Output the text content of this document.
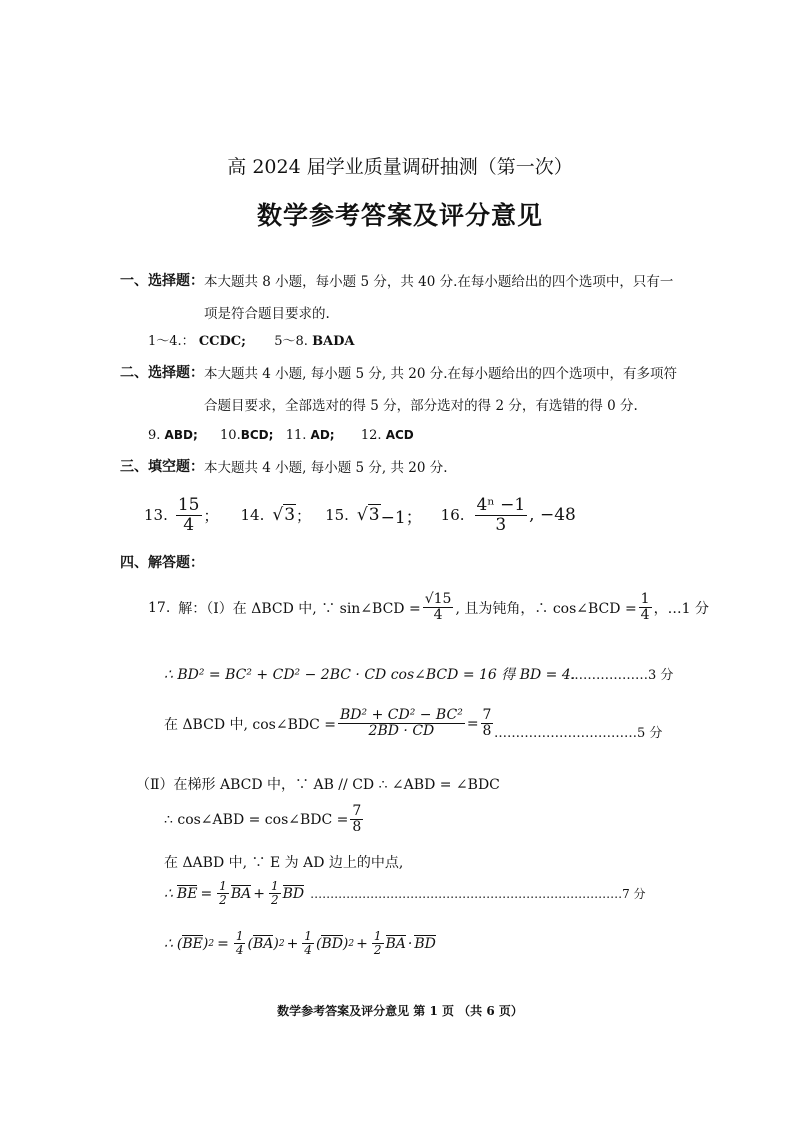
高 2024 届学业质量调研抽测（第一次）
数学参考答案及评分意见
一、选择题： 本大题共 8 小题，每小题 5 分，共 40 分.在每小题给出的四个选项中，只有一
项是符合题目要求的.
1～4.： CCDC; 5～8. BADA
二、选择题： 本大题共 4 小题, 每小题 5 分, 共 20 分.在每小题给出的四个选项中，有多项符
合题目要求，全部选对的得 5 分，部分选对的得 2 分，有选错的得 0 分.
9. ABD; 10.BCD; 11. AD; 12. ACD
三、填空题： 本大题共 4 小题, 每小题 5 分, 共 20 分.
13. $\frac{15}{4}$ ； 14. √3 ； 15. √3 −1； 16. $\frac{\text{4ⁿ −1}}{3}$ , −48
四、解答题：
17. 解：（Ⅰ）在 ΔBCD 中, ∵ sin∠BCD = $\frac{√15}{4}$ , 且为钝角，∴ cos∠BCD = $\frac{1}{4}$ ，…1 分
∴ BD² = BC² + CD² − 2BC · CD cos∠BCD = 16 得 BD = 4.
………………3 分
在 ΔBCD 中, cos∠BDC = $\frac{\text{BD² + CD² − BC²}}{2BD \cdot CD} = \frac{7}{8}$ ……………………………5 分
（Ⅱ）在梯形 ABCD 中，∵ AB // CD ∴ ∠ABD = ∠BDC
∴ cos∠ABD = cos∠BDC = $\frac{7}{8}$
在 ΔABD 中, ∵ E 为 AD 边上的中点,
∴ BE = $\frac{1}{2}$ BA + $\frac{1}{2}$ BD ……………………………………………………………………7 分
∴ ( BE ) $2 = \frac{1}{4}$ ( BA ) $2 + \frac{1}{4}$ ( BD ) $2 + \frac{1}{2}$ BA · BD
数学参考答案及评分意见 第 1 页 （共 6 页）
